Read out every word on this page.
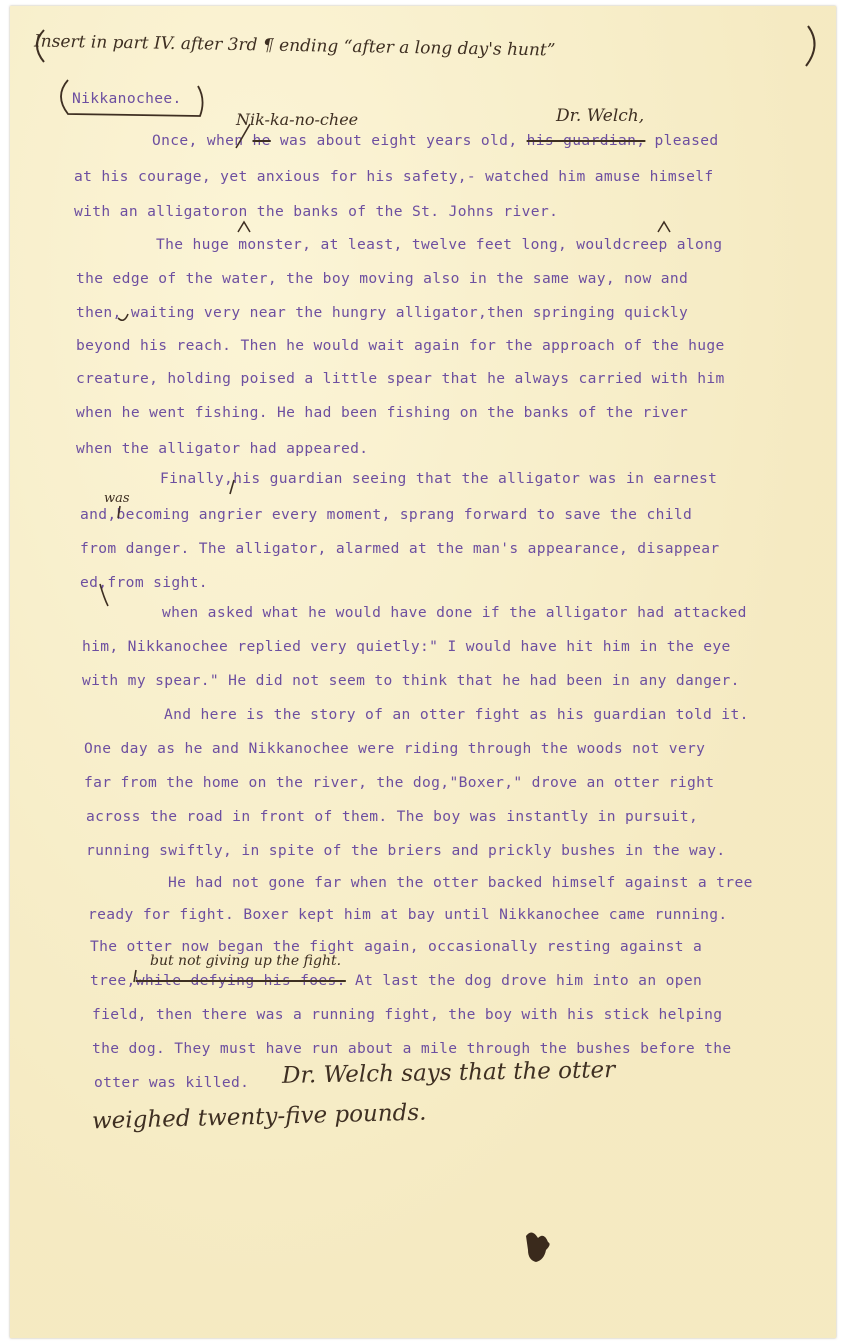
Insert in part IV. after 3rd ¶ ending “after a long day's hunt”
Nik-ka-no-chee	Dr. Welch,
was
but not giving up the fight.
Dr. Welch says that the otter
weighed twenty-five pounds.
Nikkanochee.
Once, when he was about eight years old, his guardian, pleased
at his courage, yet anxious for his safety,- watched him amuse himself
with an alligatoron the banks of the St. Johns river.
The huge monster, at least, twelve feet long, wouldcreep along
the edge of the water, the boy moving also in the same way, now and
then, waiting very near the hungry alligator,then springing quickly
beyond his reach. Then he would wait again for the approach of the huge
creature, holding poised a little spear that he always carried with him
when he went fishing. He had been fishing on the banks of the river
when the alligator had appeared.
Finally,his guardian seeing that the alligator was in earnest
and,becoming angrier every moment, sprang forward to save the child
from danger. The alligator, alarmed at the man's appearance, disappear
ed,from sight.
when asked what he would have done if the alligator had attacked
him, Nikkanochee replied very quietly:" I would have hit him in the eye
with my spear." He did not seem to think that he had been in any danger.
And here is the story of an otter fight as his guardian told it.
One day as he and Nikkanochee were riding through the woods not very
far from the home on the river, the dog,"Boxer," drove an otter right
across the road in front of them. The boy was instantly in pursuit,
running swiftly, in spite of the briers and prickly bushes in the way.
He had not gone far when the otter backed himself against a tree
ready for fight. Boxer kept him at bay until Nikkanochee came running.
The otter now began the fight again, occasionally resting against a
tree,while defying his foes. At last the dog drove him into an open
field, then there was a running fight, the boy with his stick helping
the dog. They must have run about a mile through the bushes before the
otter was killed.
